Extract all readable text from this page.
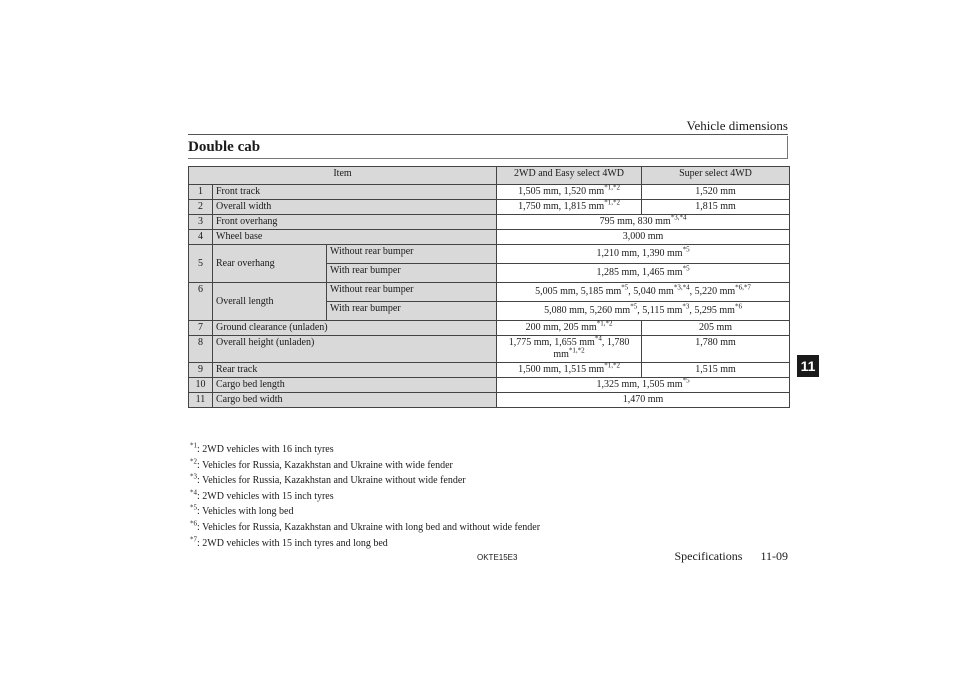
Vehicle dimensions
Double cab
Item			2WD and Easy select 4WD	Super select 4WD
1	Front track		1,505 mm, 1,520 $mm^{*1,*2}$	1,520 mm
2	Overall width		1,750 mm, 1,815 $mm^{*1,*2}$	1,815 mm
3	Front overhang		795 mm, 830 $mm^{*3,*4}$
4	Wheel base		3,000 mm	
5	Rear overhang	Without rear bumper	1,210 mm, 1,390 $mm^{*5}$
		With rear bumper	1,285 mm, 1,465 $mm^{*5}$
6	Overall length	Without rear bumper	5,005 mm, 5,185 $mm^{*5}$, 5,040 $mm^{*3,*4}$, 5,220 $mm^{*6,*7}$
		With rear bumper	5,080 mm, 5,260 $mm^{*5}$, 5,115 $mm^{*3}$, 5,295 $mm^{*6}$
7	Ground clearance (unladen)		200 mm, 205 $mm^{*1,*2}$	205 mm
8	Overall height (unladen)		1,775 mm, 1,655 $mm^{*4}$, 1,780
$mm^{*1,*2}$	1,780 mm
9	Rear track		1,500 mm, 1,515 $mm^{*1,*2}$	1,515 mm
10	Cargo bed length		1,325 mm, 1,505 $mm^{*5}$
11	Cargo bed width		1,470 mm	
$^{*1}$: 2WD vehicles with 16 inch tyres
$^{*2}$: Vehicles for Russia, Kazakhstan and Ukraine with wide fender
$^{*3}$: Vehicles for Russia, Kazakhstan and Ukraine without wide fender
$^{*4}$: 2WD vehicles with 15 inch tyres
$^{*5}$: Vehicles with long bed
$^{*6}$: Vehicles for Russia, Kazakhstan and Ukraine with long bed and without wide fender
$^{*7}$: 2WD vehicles with 15 inch tyres and long bed
OKTE15E3	Specifications 11-09
11
